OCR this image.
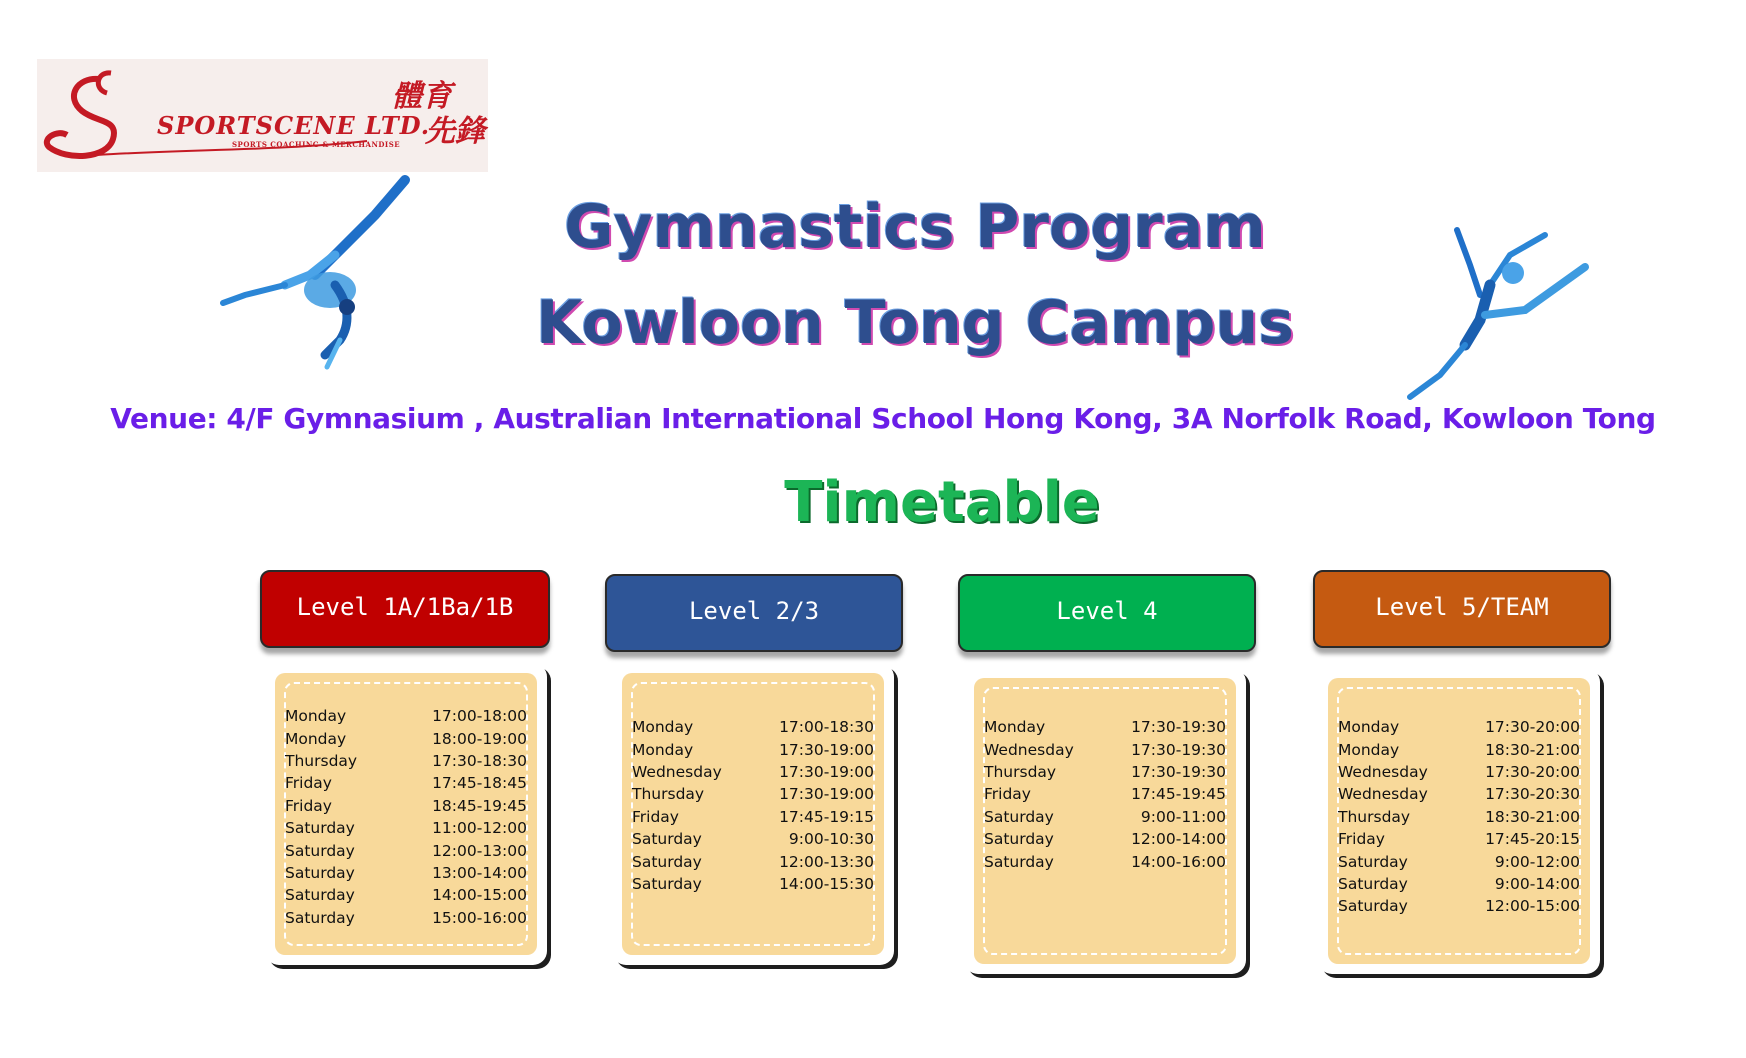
SPORTSCENE LTD.
SPORTS COACHING & MERCHANDISE
體育
先鋒
Gymnastics Program
Kowloon Tong Campus
Venue: 4/F Gymnasium , Australian International School Hong Kong, 3A Norfolk Road, Kowloon Tong
Timetable
Level 1A/1Ba/1B
Monday	17:00-18:00
Monday	18:00-19:00
Thursday	17:30-18:30
Friday	17:45-18:45
Friday	18:45-19:45
Saturday	11:00-12:00
Saturday	12:00-13:00
Saturday	13:00-14:00
Saturday	14:00-15:00
Saturday	15:00-16:00
Level 2/3
Monday	17:00-18:30
Monday	17:30-19:00
Wednesday	17:30-19:00
Thursday	17:30-19:00
Friday	17:45-19:15
Saturday	9:00-10:30
Saturday	12:00-13:30
Saturday	14:00-15:30
Level 4
Monday	17:30-19:30
Wednesday	17:30-19:30
Thursday	17:30-19:30
Friday	17:45-19:45
Saturday	9:00-11:00
Saturday	12:00-14:00
Saturday	14:00-16:00
Level 5/TEAM
Monday	17:30-20:00
Monday	18:30-21:00
Wednesday	17:30-20:00
Wednesday	17:30-20:30
Thursday	18:30-21:00
Friday	17:45-20:15
Saturday	9:00-12:00
Saturday	9:00-14:00
Saturday	12:00-15:00
